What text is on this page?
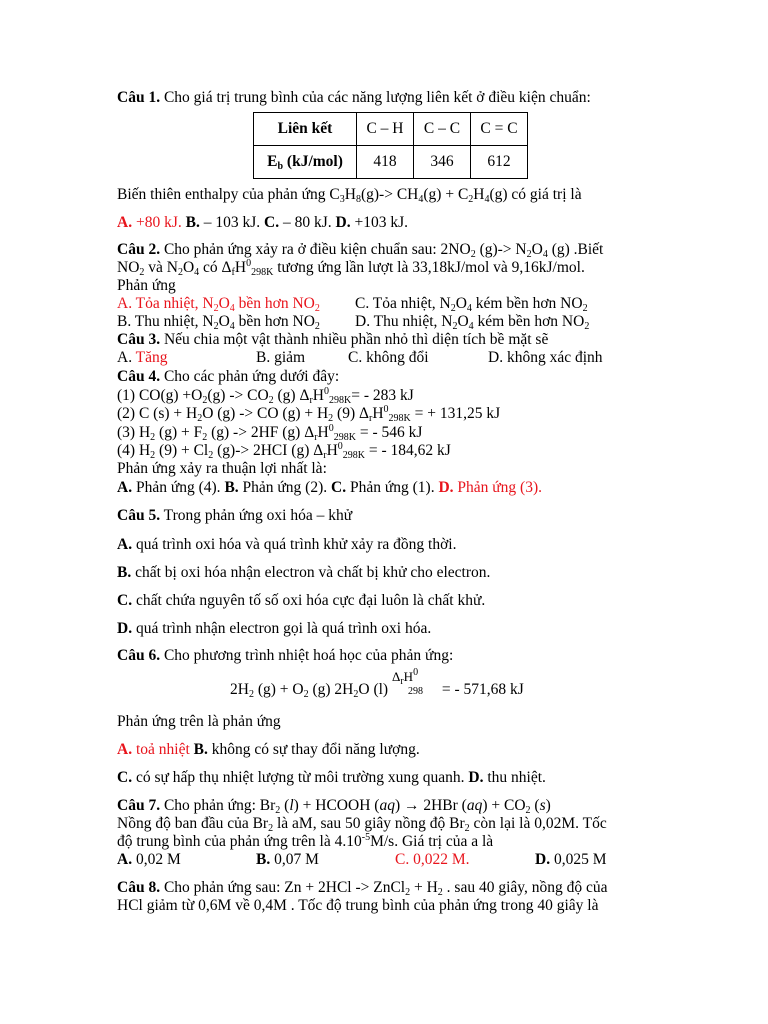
Câu 1. Cho giá trị trung bình của các năng lượng liên kết ở điều kiện chuẩn:
Liên kết	C – H	C – C	C = C
$E_b$ (kJ/mol)	418	346	612
Biến thiên enthalpy của phản ứng $C_3H_8(g)-> CH_4(g) + C_2H_4(g)$ có giá trị là
A. +80 kJ. B. – 103 kJ. C. – 80 kJ. D. +103 kJ.
Câu 2. Cho phản ứng xảy ra ở điều kiện chuẩn sau: $2NO_2$ $(g)-> N_2O_4$ (g) .Biết
$NO_2$ và $N_2O_4$ có $\Delta_fH^0_{298K}$ tương ứng lần lượt là 33,18kJ/mol và 9,16kJ/mol.
Phản ứng
A. Tỏa nhiệt, $N_2O_4$ bền hơn $NO_2$ C. Tỏa nhiệt, $N_2O_4$ kém bền hơn $NO_2$
B. Thu nhiệt, $N_2O_4$ bền hơn $NO_2$ D. Thu nhiệt, $N_2O_4$ kém bền hơn $NO_2$
Câu 3. Nếu chia một vật thành nhiều phần nhỏ thì diện tích bề mặt sẽ
A. Tăng	B. giảm	C. không đổi	D. không xác định
Câu 4. Cho các phản ứng dưới đây:
(1) $CO(g) +O_2(g) -> CO_2$ (g) $\Delta_rH^0_{298K}= - 283$ kJ
(2) C $(s) + H_2O$ (g) -> CO $(g) + H_2$ (9) $\Delta_rH^0_{298K}$ = + 131,25 kJ
(3) $H_2$ $(g) + F_2$ (g) -> 2HF (g) $\Delta_rH^0_{298K}$ = - 546 kJ
(4) $H_2$ $(9) + Cl_2$ (g)-> 2HCI (g) $\Delta_rH^0_{298K}$ = - 184,62 kJ
Phản ứng xảy ra thuận lợi nhất là:
A. Phản ứng (4). B. Phản ứng (2). C. Phản ứng (1). D. Phản ứng (3).
Câu 5. Trong phản ứng oxi hóa – khử
A. quá trình oxi hóa và quá trình khử xảy ra đồng thời.
B. chất bị oxi hóa nhận electron và chất bị khử cho electron.
C. chất chứa nguyên tố số oxi hóa cực đại luôn là chất khử.
D. quá trình nhận electron gọi là quá trình oxi hóa.
Câu 6. Cho phương trình nhiệt hoá học của phản ứng:
$2H_2$ $(g) + O_2$ (g) $2H_2O$ (l)
$\Delta_rH^0$
298 = - 571,68 kJ
Phản ứng trên là phản ứng
A. toả nhiệt B. không có sự thay đổi năng lượng.
C. có sự hấp thụ nhiệt lượng từ môi trường xung quanh. D. thu nhiệt.
Câu 7. Cho phản ứng: $Br_2$ (l) + HCOOH (aq) → 2HBr $(aq) + CO_2$ (s)
Nồng độ ban đầu của $Br_2$ là aM, sau 50 giây nồng độ $Br_2$ còn lại là 0,02M. Tốc
độ trung bình của phản ứng trên là $4.10^{-5}M/s$. Giá trị của a là
A. 0,02 M	B. 0,07 M	C. 0,022 M.	D. 0,025 M
Câu 8. Cho phản ứng sau: Zn + 2HCl -> ZnCl$_2$ + $H_2$ . sau 40 giây, nồng độ của
HCl giảm từ 0,6M về 0,4M . Tốc độ trung bình của phản ứng trong 40 giây là
